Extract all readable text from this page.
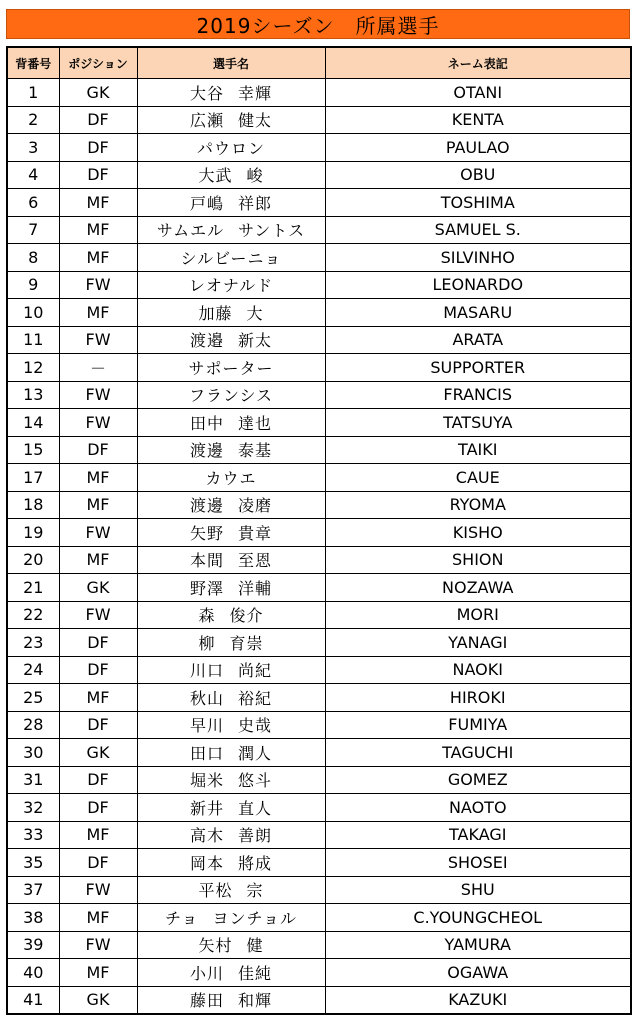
2019シーズン　所属選手
背番号	ポジション	選手名	ネーム表記
1	GK	大谷 幸輝	OTANI
2	DF	広瀬 健太	KENTA
3	DF	パウロン	PAULAO
4	DF	大武 峻	OBU
6	MF	戸嶋 祥郎	TOSHIMA
7	MF	サムエル サントス	SAMUEL S.
8	MF	シルビーニョ	SILVINHO
9	FW	レオナルド	LEONARDO
10	MF	加藤 大	MASARU
11	FW	渡邉 新太	ARATA
12	－	サポーター	SUPPORTER
13	FW	フランシス	FRANCIS
14	FW	田中 達也	TATSUYA
15	DF	渡邊 泰基	TAIKI
17	MF	カウエ	CAUE
18	MF	渡邊 凌磨	RYOMA
19	FW	矢野 貴章	KISHO
20	MF	本間 至恩	SHION
21	GK	野澤 洋輔	NOZAWA
22	FW	森 俊介	MORI
23	DF	柳 育崇	YANAGI
24	DF	川口 尚紀	NAOKI
25	MF	秋山 裕紀	HIROKI
28	DF	早川 史哉	FUMIYA
30	GK	田口 潤人	TAGUCHI
31	DF	堀米 悠斗	GOMEZ
32	DF	新井 直人	NAOTO
33	MF	高木 善朗	TAKAGI
35	DF	岡本 將成	SHOSEI
37	FW	平松 宗	SHU
38	MF	チョ ヨンチョル	C.YOUNGCHEOL
39	FW	矢村 健	YAMURA
40	MF	小川 佳純	OGAWA
41	GK	藤田 和輝	KAZUKI
